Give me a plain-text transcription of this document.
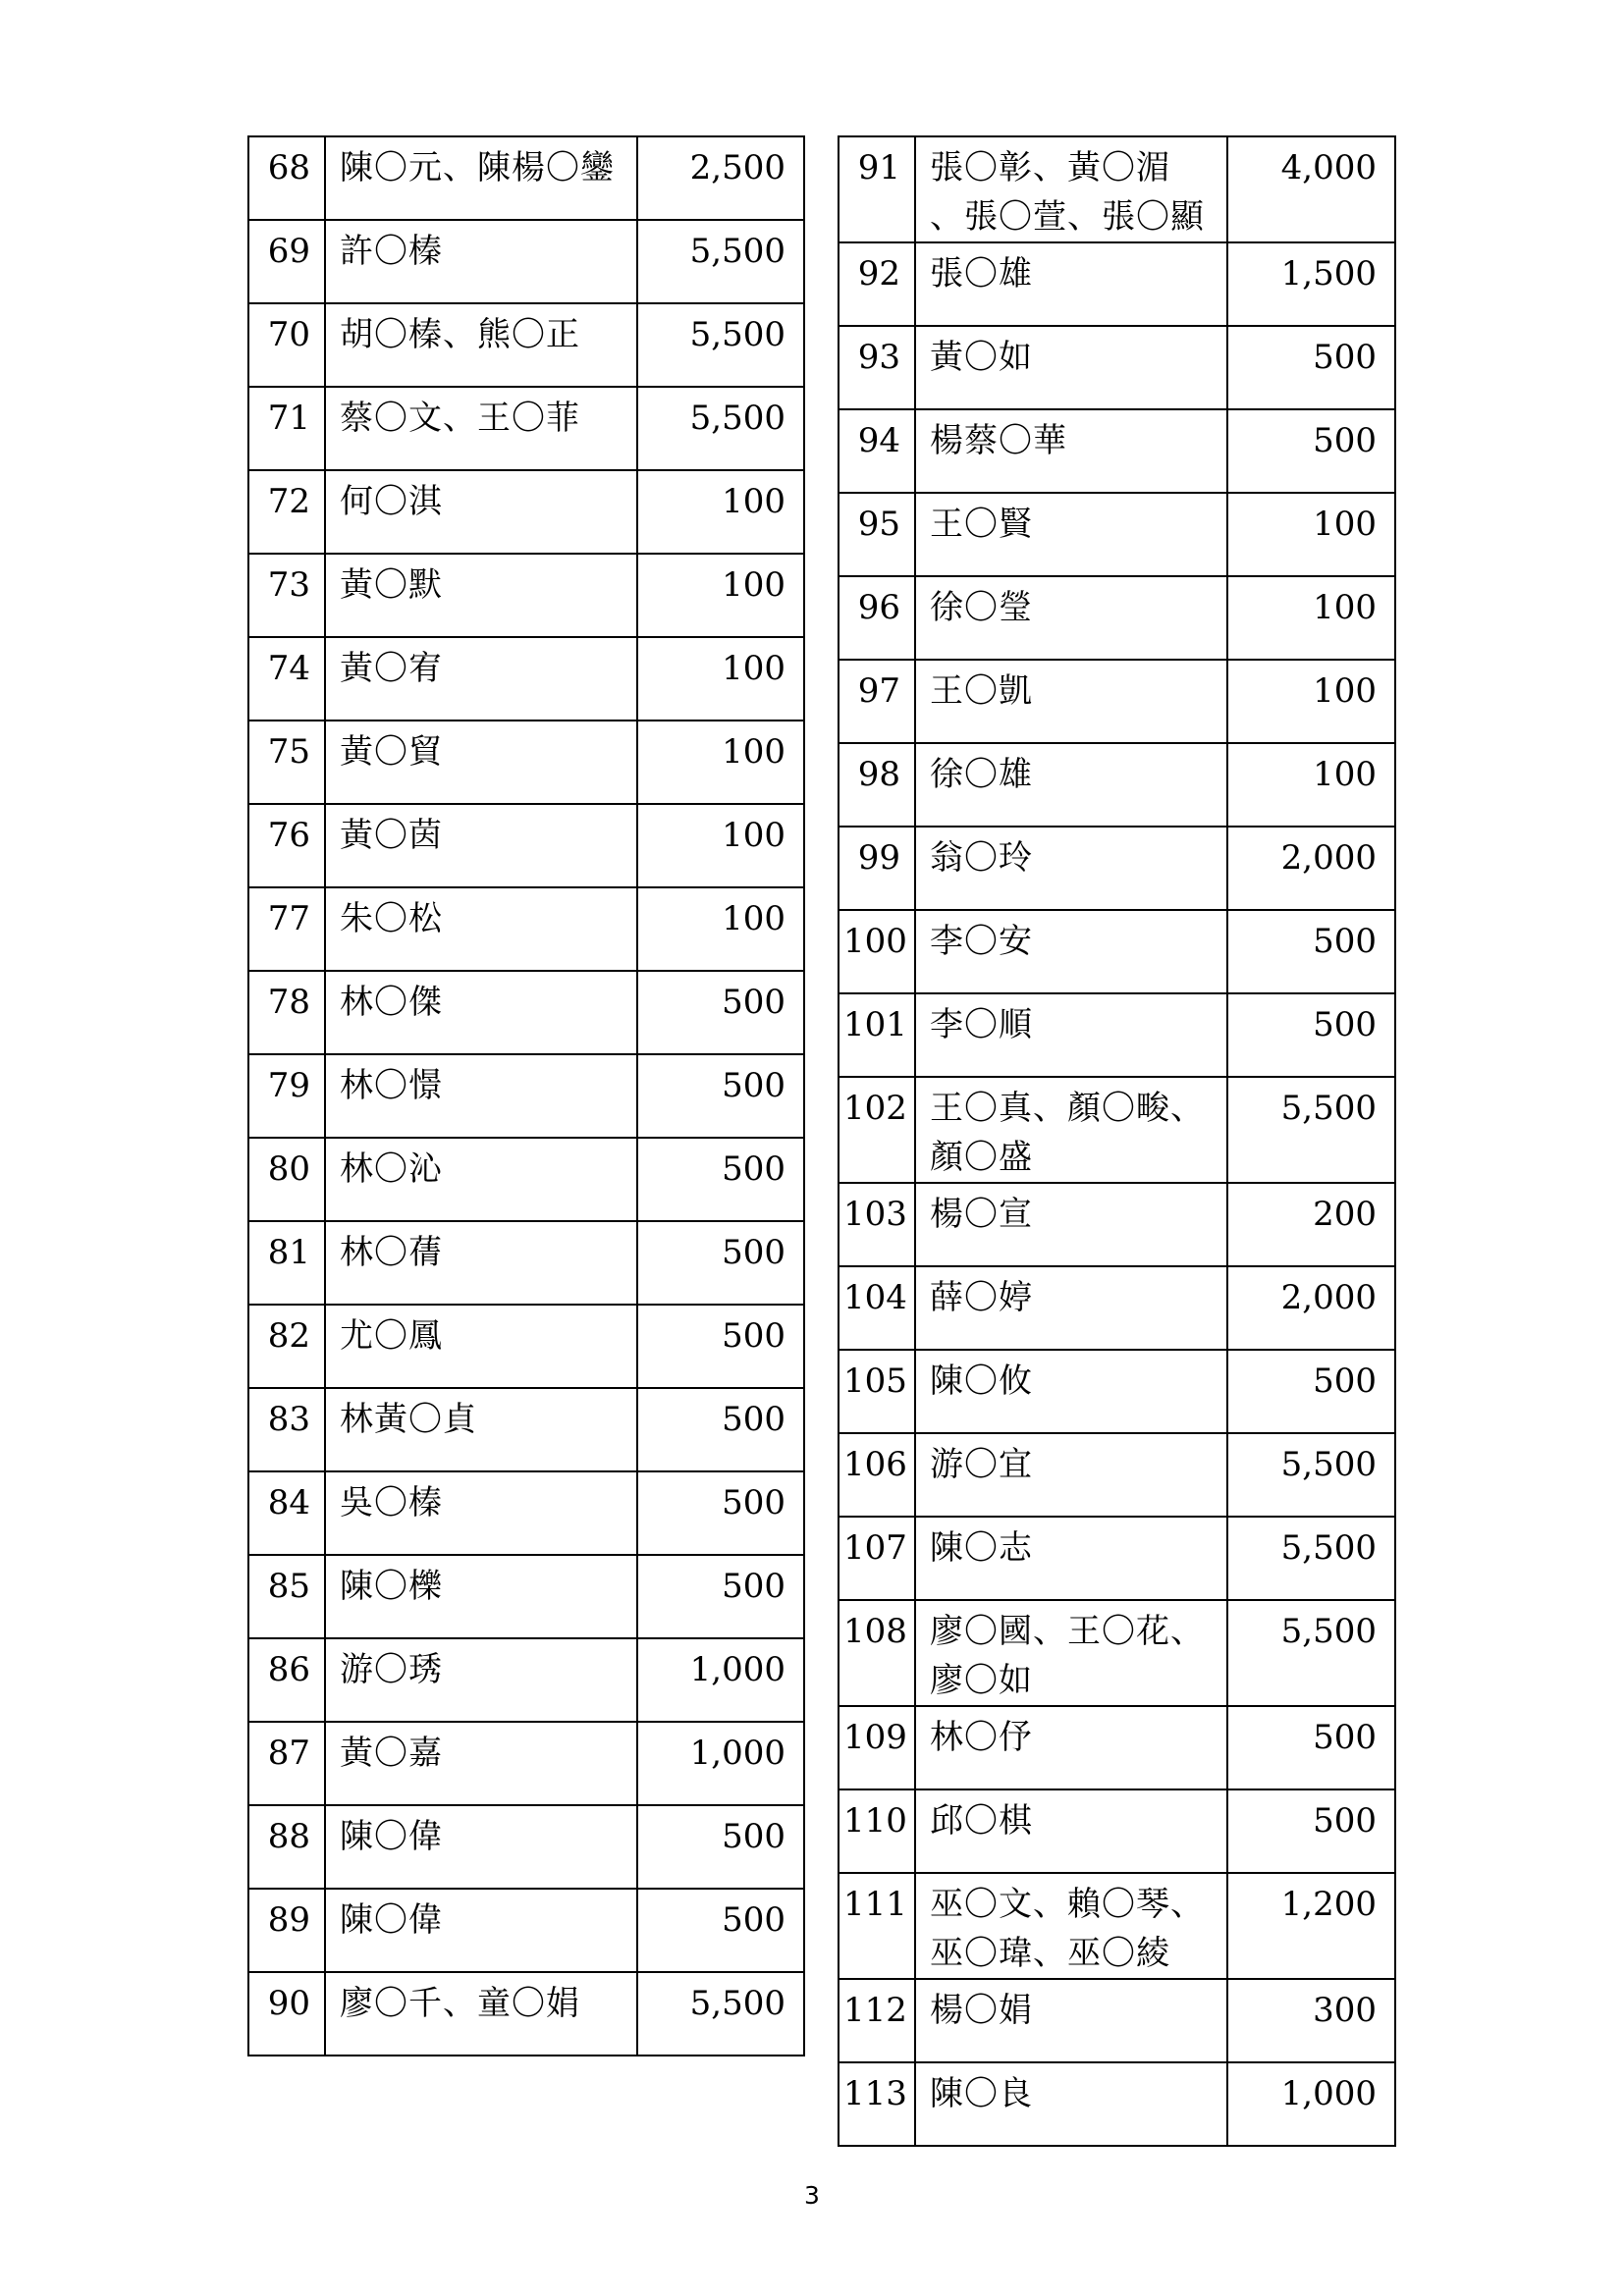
68	陳〇元、陳楊〇鑾	2,500
69	許〇榛	5,500
70	胡〇榛、熊〇正	5,500
71	蔡〇文、王〇菲	5,500
72	何〇淇	100
73	黃〇默	100
74	黃〇宥	100
75	黃〇貿	100
76	黃〇茵	100
77	朱〇松	100
78	林〇傑	500
79	林〇憬	500
80	林〇沁	500
81	林〇蒨	500
82	尤〇鳳	500
83	林黃〇貞	500
84	吳〇榛	500
85	陳〇櫟	500
86	游〇琇	1,000
87	黃〇嘉	1,000
88	陳〇偉	500
89	陳〇偉	500
90	廖〇千、童〇娟	5,500
91	張〇彰、黃〇湄 、張〇萱、張〇顯	4,000
92	張〇雄	1,500
93	黃〇如	500
94	楊蔡〇華	500
95	王〇賢	100
96	徐〇瑩	100
97	王〇凱	100
98	徐〇雄	100
99	翁〇玲	2,000
100	李〇安	500
101	李〇順	500
102	王〇真、顏〇畯、顏〇盛	5,500
103	楊〇宣	200
104	薛〇婷	2,000
105	陳〇攸	500
106	游〇宜	5,500
107	陳〇志	5,500
108	廖〇國、王〇花、廖〇如	5,500
109	林〇伃	500
110	邱〇棋	500
111	巫〇文、賴〇琴、巫〇瑋、巫〇綾	1,200
112	楊〇娟	300
113	陳〇良	1,000
3
